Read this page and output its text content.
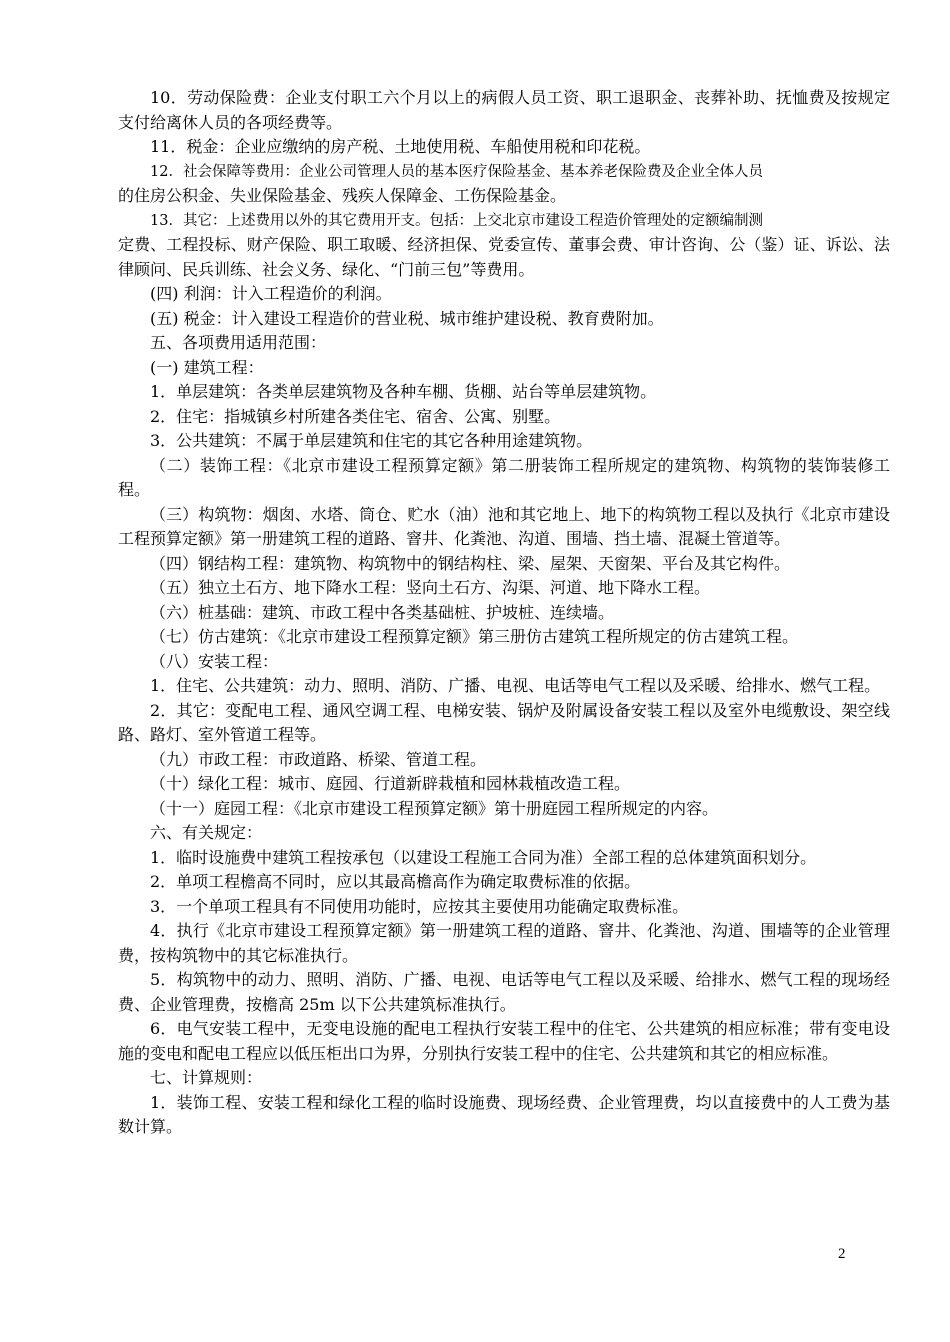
10．劳动保险费：企业支付职工六个月以上的病假人员工资、职工退职金、丧葬补助、抚恤费及按规定支付给离休人员的各项经费等。

11．税金：企业应缴纳的房产税、土地使用税、车船使用税和印花税。

12．社会保障等费用：企业公司管理人员的基本医疗保险基金、基本养老保险费及企业全体人员

的住房公积金、失业保险基金、残疾人保障金、工伤保险基金。

13．其它：上述费用以外的其它费用开支。包括：上交北京市建设工程造价管理处的定额编制测

定费、工程投标、财产保险、职工取暖、经济担保、党委宣传、董事会费、审计咨询、公（鉴）证、诉讼、法律顾问、民兵训练、社会义务、绿化、“门前三包”等费用。

(四) 利润：计入工程造价的利润。

(五) 税金：计入建设工程造价的营业税、城市维护建设税、教育费附加。

五、各项费用适用范围：

(一) 建筑工程：

1．单层建筑：各类单层建筑物及各种车棚、货棚、站台等单层建筑物。

2．住宅：指城镇乡村所建各类住宅、宿舍、公寓、别墅。

3．公共建筑：不属于单层建筑和住宅的其它各种用途建筑物。

（二）装饰工程：《北京市建设工程预算定额》第二册装饰工程所规定的建筑物、构筑物的装饰装修工程。

（三）构筑物：烟囱、水塔、筒仓、贮水（油）池和其它地上、地下的构筑物工程以及执行《北京市建设工程预算定额》第一册建筑工程的道路、窨井、化粪池、沟道、围墙、挡土墙、混凝土管道等。

（四）钢结构工程：建筑物、构筑物中的钢结构柱、梁、屋架、天窗架、平台及其它构件。

（五）独立土石方、地下降水工程：竖向土石方、沟渠、河道、地下降水工程。

（六）桩基础：建筑、市政工程中各类基础桩、护坡桩、连续墙。

（七）仿古建筑：《北京市建设工程预算定额》第三册仿古建筑工程所规定的仿古建筑工程。

（八）安装工程：

1．住宅、公共建筑：动力、照明、消防、广播、电视、电话等电气工程以及采暖、给排水、燃气工程。

2．其它：变配电工程、通风空调工程、电梯安装、锅炉及附属设备安装工程以及室外电缆敷设、架空线路、路灯、室外管道工程等。

（九）市政工程：市政道路、桥梁、管道工程。

（十）绿化工程：城市、庭园、行道新辟栽植和园林栽植改造工程。

（十一）庭园工程：《北京市建设工程预算定额》第十册庭园工程所规定的内容。

六、有关规定：

1．临时设施费中建筑工程按承包（以建设工程施工合同为准）全部工程的总体建筑面积划分。

2．单项工程檐高不同时，应以其最高檐高作为确定取费标准的依据。

3．一个单项工程具有不同使用功能时，应按其主要使用功能确定取费标准。

4．执行《北京市建设工程预算定额》第一册建筑工程的道路、窨井、化粪池、沟道、围墙等的企业管理费，按构筑物中的其它标准执行。

5．构筑物中的动力、照明、消防、广播、电视、电话等电气工程以及采暖、给排水、燃气工程的现场经费、企业管理费，按檐高 25m 以下公共建筑标准执行。

6．电气安装工程中，无变电设施的配电工程执行安装工程中的住宅、公共建筑的相应标准；带有变电设施的变电和配电工程应以低压柜出口为界，分别执行安装工程中的住宅、公共建筑和其它的相应标准。

七、计算规则：

1．装饰工程、安装工程和绿化工程的临时设施费、现场经费、企业管理费，均以直接费中的人工费为基数计算。

2
